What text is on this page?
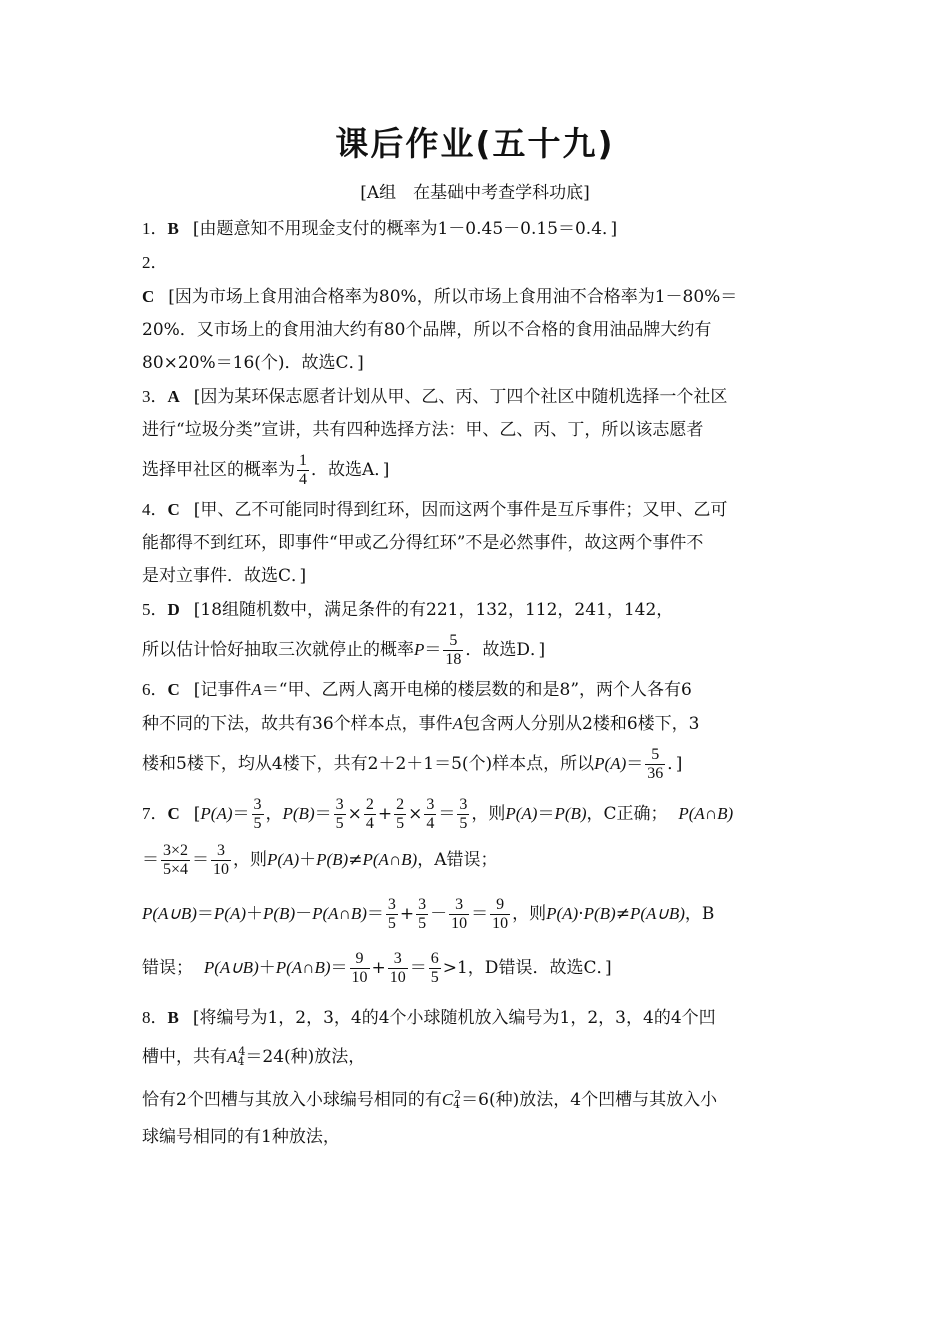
课后作业(五十九)
[A组　在基础中考查学科功底]

1．B [由题意知不用现金支付的概率为1－0.45－0.15＝0.4．]

2．

C [因为市场上食用油合格率为80%，所以市场上食用油不合格率为1－80%＝
20%．又市场上的食用油大约有80个品牌，所以不合格的食用油品牌大约有
80×20%＝16(个)．故选C．]

3．A [因为某环保志愿者计划从甲、乙、丙、丁四个社区中随机选择一个社区
进行“垃圾分类”宣讲，共有四种选择方法：甲、乙、丙、丁，所以该志愿者

选择甲社区的概率为 $\frac{1}{4}$ ．故选A．]

4．C [甲、乙不可能同时得到红环，因而这两个事件是互斥事件；又甲、乙可
能都得不到红环，即事件“甲或乙分得红环”不是必然事件，故这两个事件不
是对立事件．故选C．]

5．D [18组随机数中，满足条件的有221，132，112，241，142，

所以估计恰好抽取三次就停止的概率$P= \frac{5}{18}$ ．故选D．]

6．C [记事件A＝“甲、乙两人离开电梯的楼层数的和是8”，两个人各有6
种不同的下法，故共有36个样本点，事件A包含两人分别从2楼和6楼下，3

楼和5楼下，均从4楼下，共有2＋2＋1＝5(个)样本点，所以$P(A)= \frac{5}{36}$ ．]

7．C [$P(A)= \frac{3}{5}$ ，$P(B)= \frac{3}{5} \times \frac{2}{4} + \frac{2}{5} \times \frac{3}{4} = \frac{3}{5}$ ，则P(A)＝P(B)，C正确； P(A∩B)

＝ $\frac{3\times 2}{5\times 4} = \frac{3}{10}$ ，则P(A)＋P(B)≠P(A∩B)，A错误；

P(A∪B)＝P(A)＋P(B)－P(A∩B)＝ $\frac{3}{5} + \frac{3}{5} - \frac{3}{10} = \frac{9}{10}$ ，则P(A)·P(B)≠P(A∪B)，B

错误； P(A∪B)＋P(A∩B)＝ $\frac{9}{10} + \frac{3}{10} = \frac{6}{5} >1$，D错误．故选C．]

8．B [将编号为1，2，3，4的4个小球随机放入编号为1，2，3，4的4个凹
槽中，共有$A_4^4=24$(种)放法，
恰有2个凹槽与其放入小球编号相同的有$C_4^2=6$(种)放法，4个凹槽与其放入小
球编号相同的有1种放法，
